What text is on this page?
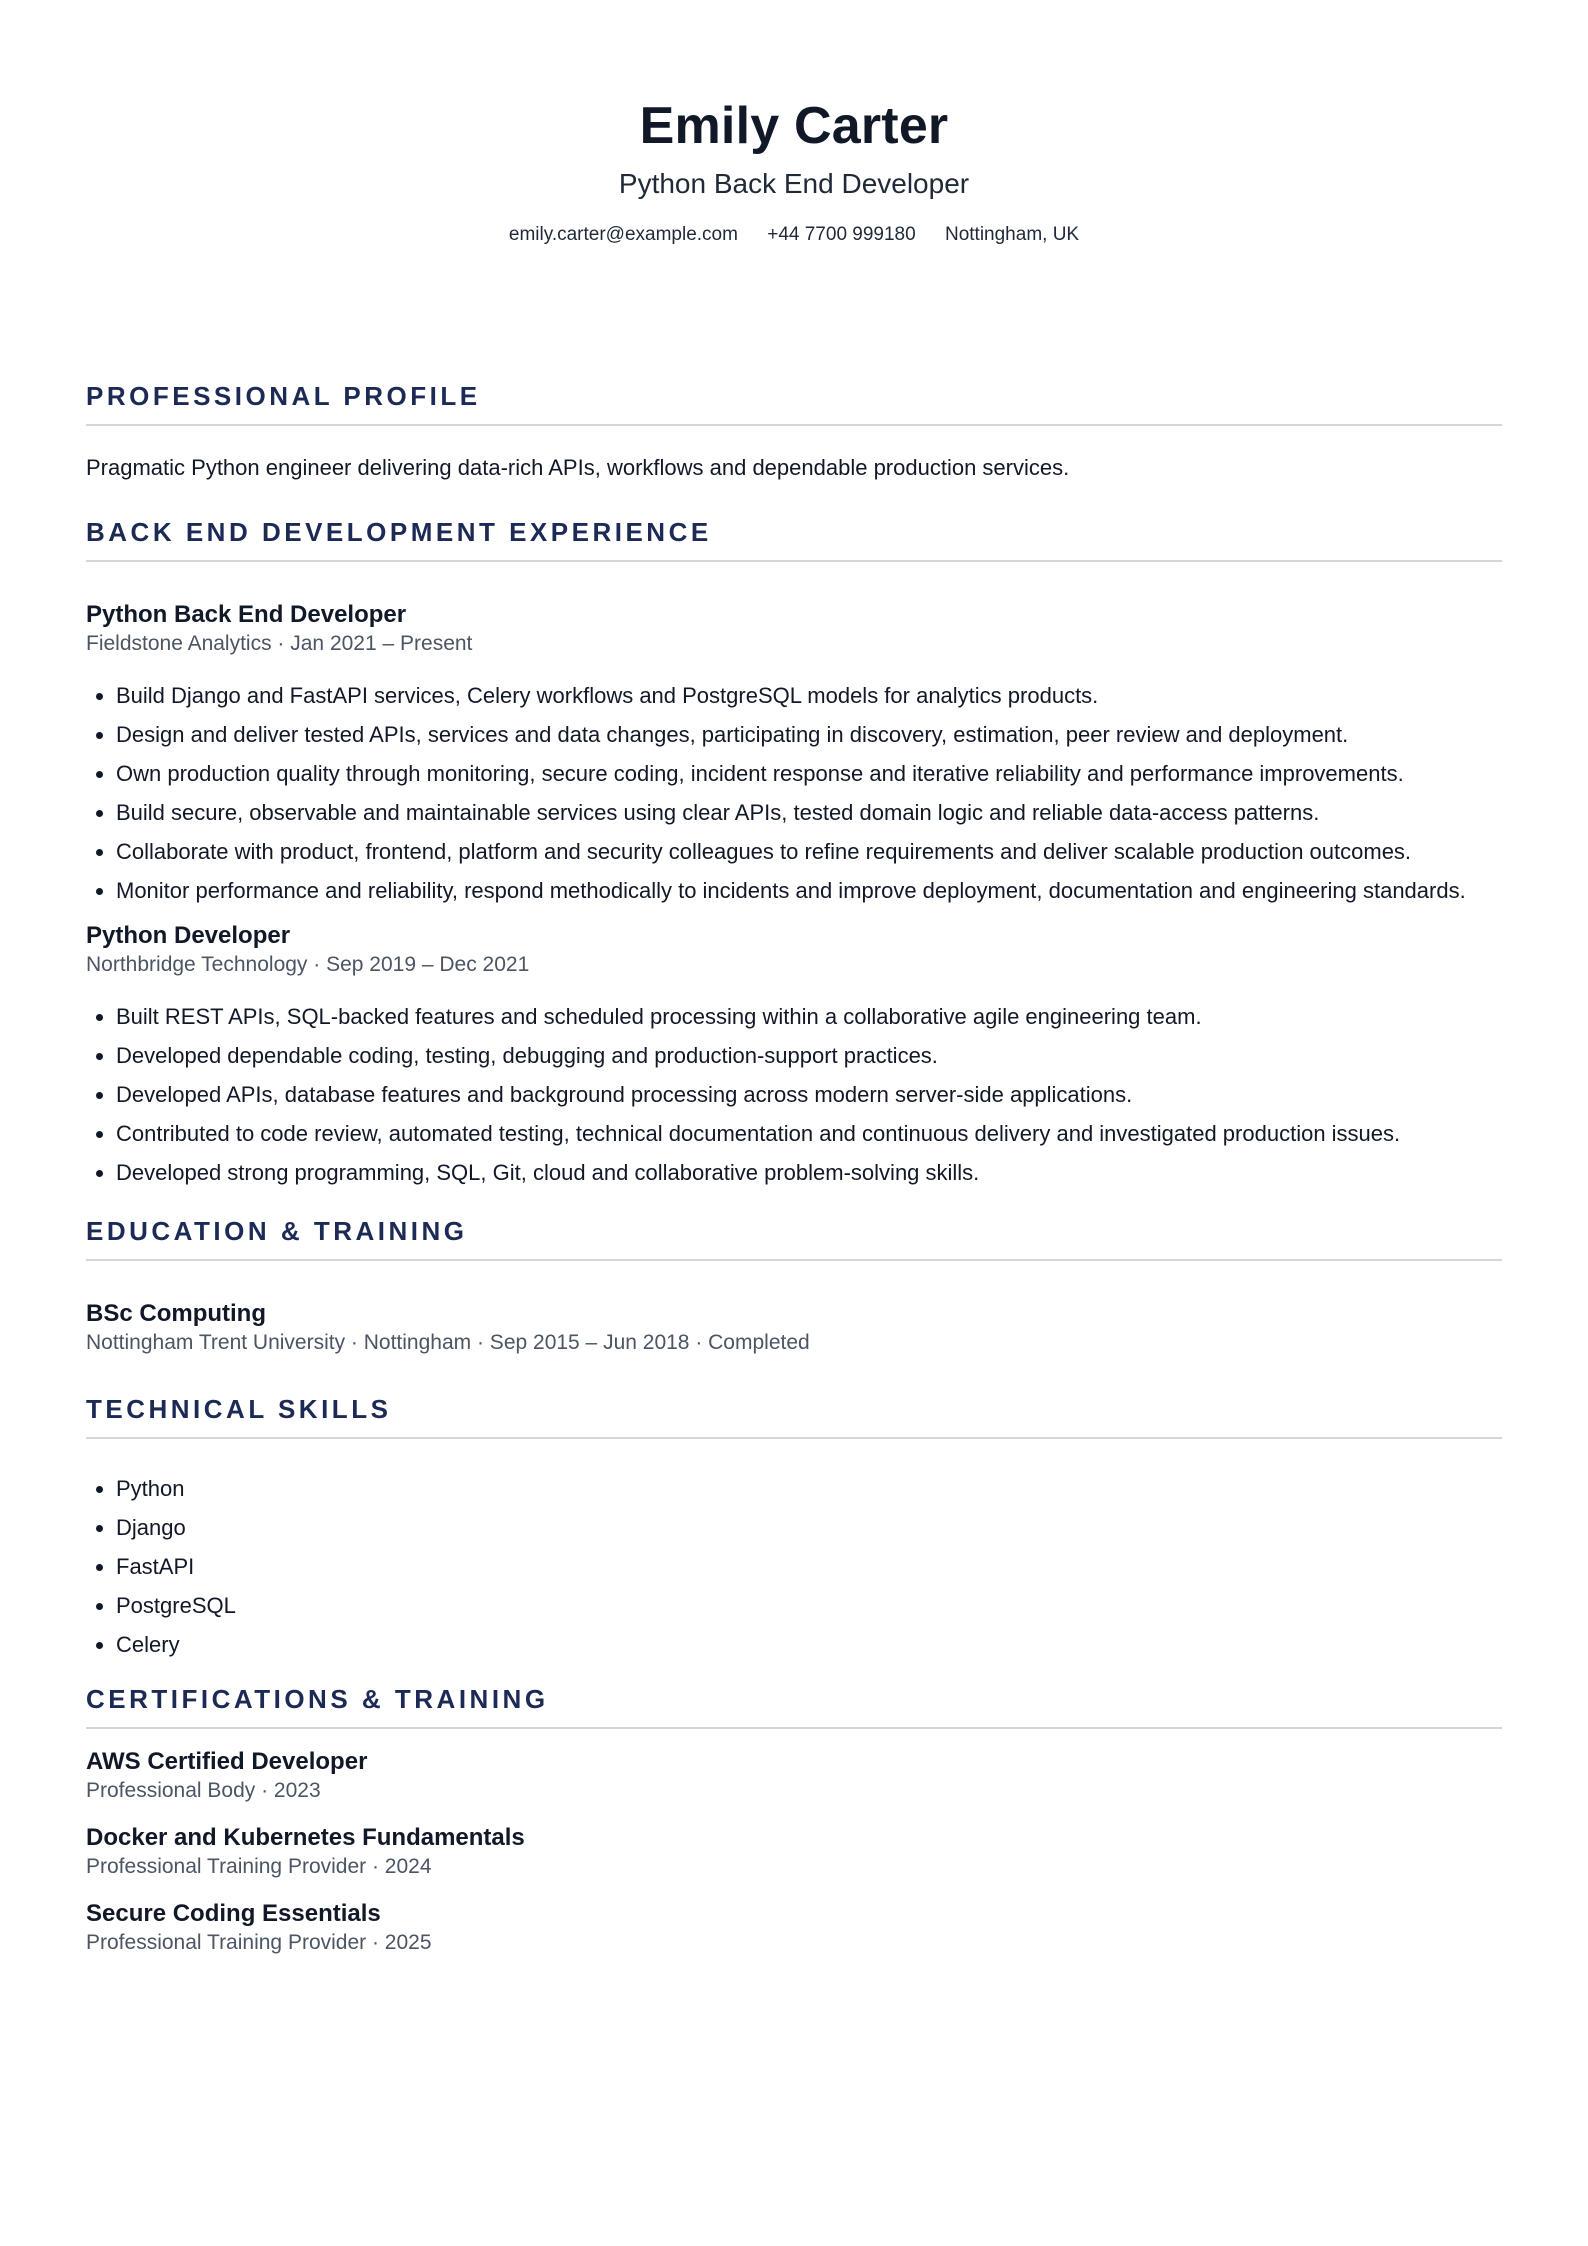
Emily Carter
Python Back End Developer
emily.carter@example.com +44 7700 999180 Nottingham, UK
PROFESSIONAL PROFILE
Pragmatic Python engineer delivering data-rich APIs, workflows and dependable production services.
BACK END DEVELOPMENT EXPERIENCE
Python Back End Developer
Fieldstone Analytics · Jan 2021 – Present
• Build Django and FastAPI services, Celery workflows and PostgreSQL models for analytics products.
• Design and deliver tested APIs, services and data changes, participating in discovery, estimation, peer review and deployment.
• Own production quality through monitoring, secure coding, incident response and iterative reliability and performance improvements.
• Build secure, observable and maintainable services using clear APIs, tested domain logic and reliable data-access patterns.
• Collaborate with product, frontend, platform and security colleagues to refine requirements and deliver scalable production outcomes.
• Monitor performance and reliability, respond methodically to incidents and improve deployment, documentation and engineering standards.
Python Developer
Northbridge Technology · Sep 2019 – Dec 2021
• Built REST APIs, SQL-backed features and scheduled processing within a collaborative agile engineering team.
• Developed dependable coding, testing, debugging and production-support practices.
• Developed APIs, database features and background processing across modern server-side applications.
• Contributed to code review, automated testing, technical documentation and continuous delivery and investigated production issues.
• Developed strong programming, SQL, Git, cloud and collaborative problem-solving skills.
EDUCATION & TRAINING
BSc Computing
Nottingham Trent University · Nottingham · Sep 2015 – Jun 2018 · Completed
TECHNICAL SKILLS
• Python
• Django
• FastAPI
• PostgreSQL
• Celery
CERTIFICATIONS & TRAINING
AWS Certified Developer
Professional Body · 2023
Docker and Kubernetes Fundamentals
Professional Training Provider · 2024
Secure Coding Essentials
Professional Training Provider · 2025
